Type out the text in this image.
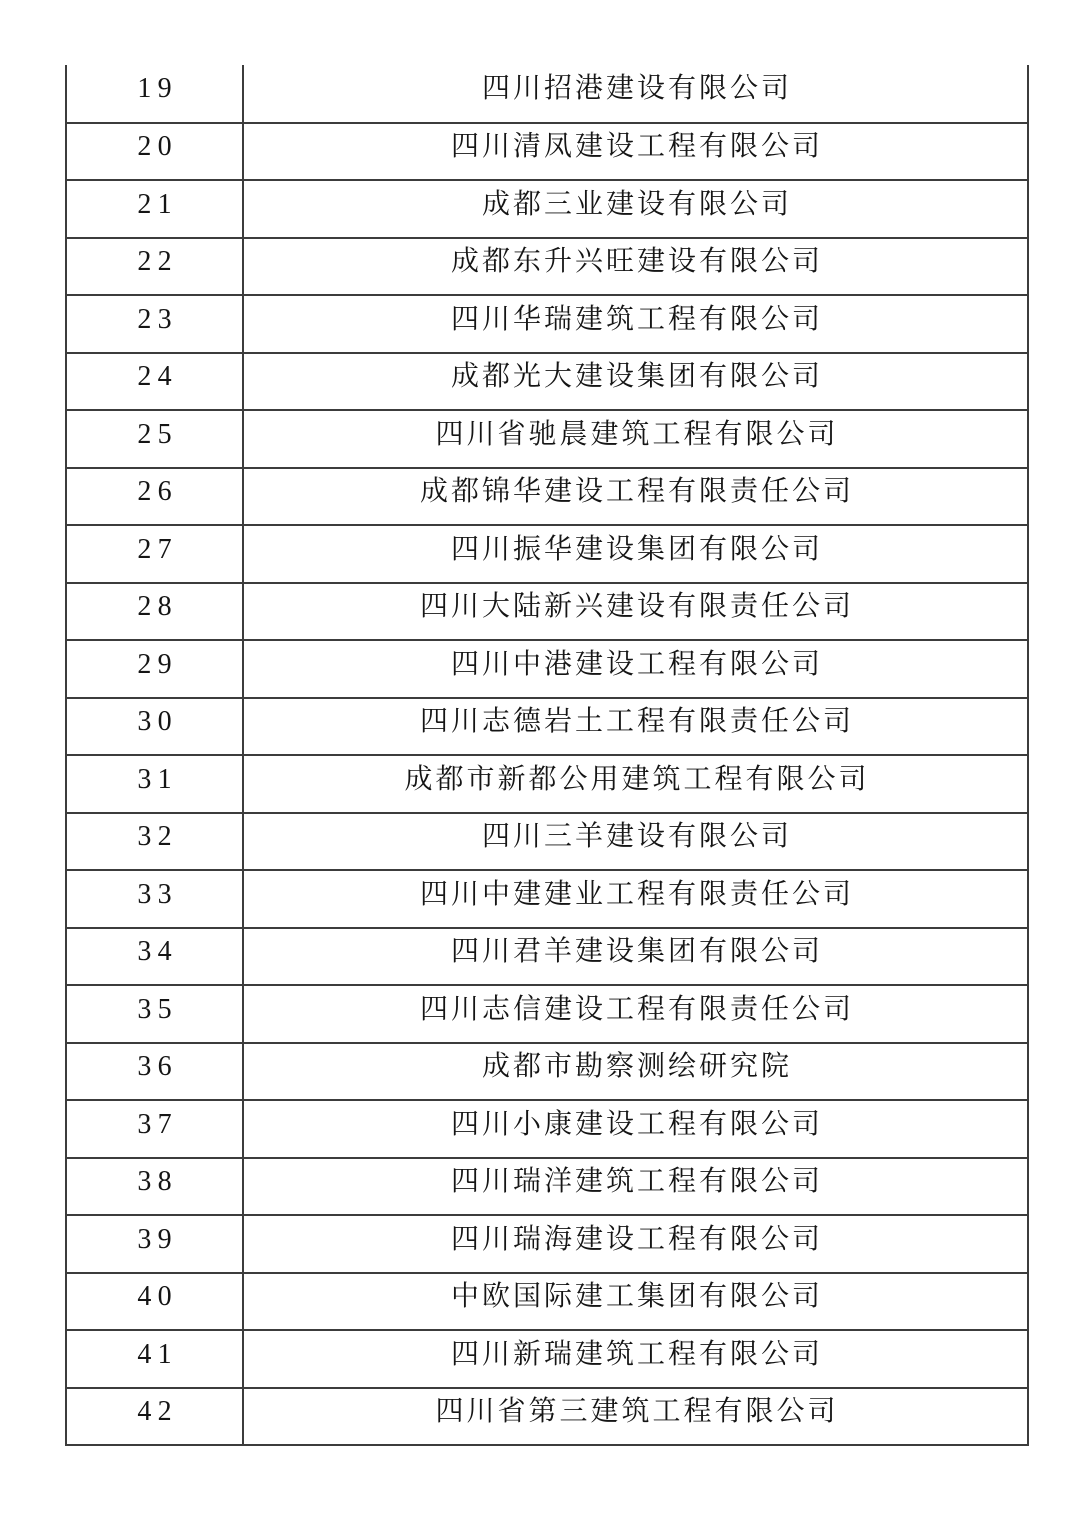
19	四川招港建设有限公司
20	四川清凤建设工程有限公司
21	成都三业建设有限公司
22	成都东升兴旺建设有限公司
23	四川华瑞建筑工程有限公司
24	成都光大建设集团有限公司
25	四川省驰晨建筑工程有限公司
26	成都锦华建设工程有限责任公司
27	四川振华建设集团有限公司
28	四川大陆新兴建设有限责任公司
29	四川中港建设工程有限公司
30	四川志德岩土工程有限责任公司
31	成都市新都公用建筑工程有限公司
32	四川三羊建设有限公司
33	四川中建建业工程有限责任公司
34	四川君羊建设集团有限公司
35	四川志信建设工程有限责任公司
36	成都市勘察测绘研究院
37	四川小康建设工程有限公司
38	四川瑞洋建筑工程有限公司
39	四川瑞海建设工程有限公司
40	中欧国际建工集团有限公司
41	四川新瑞建筑工程有限公司
42	四川省第三建筑工程有限公司
